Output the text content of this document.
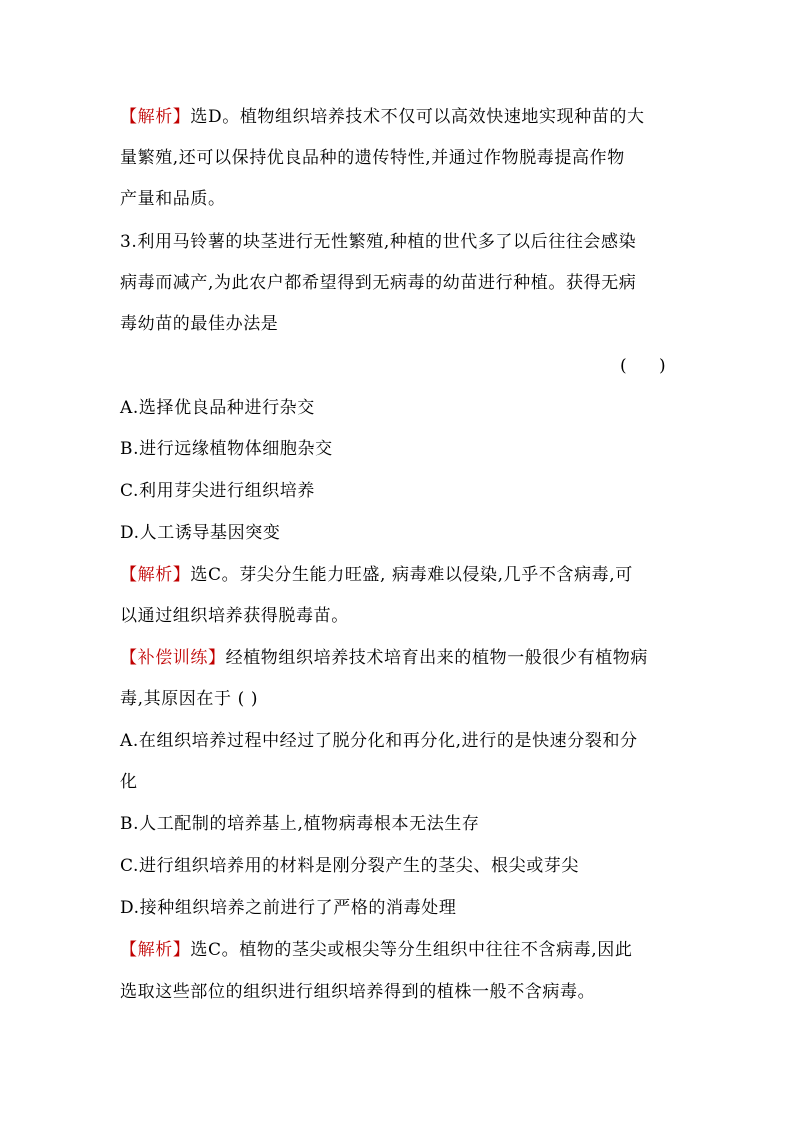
【解析】选D。植物组织培养技术不仅可以高效快速地实现种苗的大
量繁殖,还可以保持优良品种的遗传特性,并通过作物脱毒提高作物
产量和品质。
3.利用马铃薯的块茎进行无性繁殖,种植的世代多了以后往往会感染
病毒而减产,为此农户都希望得到无病毒的幼苗进行种植。获得无病
毒幼苗的最佳办法是
(      )
A.选择优良品种进行杂交
B.进行远缘植物体细胞杂交
C.利用芽尖进行组织培养
D.人工诱导基因突变
【解析】选C。芽尖分生能力旺盛, 病毒难以侵染,几乎不含病毒,可
以通过组织培养获得脱毒苗。
【补偿训练】经植物组织培养技术培育出来的植物一般很少有植物病
毒,其原因在于 ( )
A.在组织培养过程中经过了脱分化和再分化,进行的是快速分裂和分
化
B.人工配制的培养基上,植物病毒根本无法生存
C.进行组织培养用的材料是刚分裂产生的茎尖、根尖或芽尖
D.接种组织培养之前进行了严格的消毒处理
【解析】选C。植物的茎尖或根尖等分生组织中往往不含病毒,因此
选取这些部位的组织进行组织培养得到的植株一般不含病毒。
